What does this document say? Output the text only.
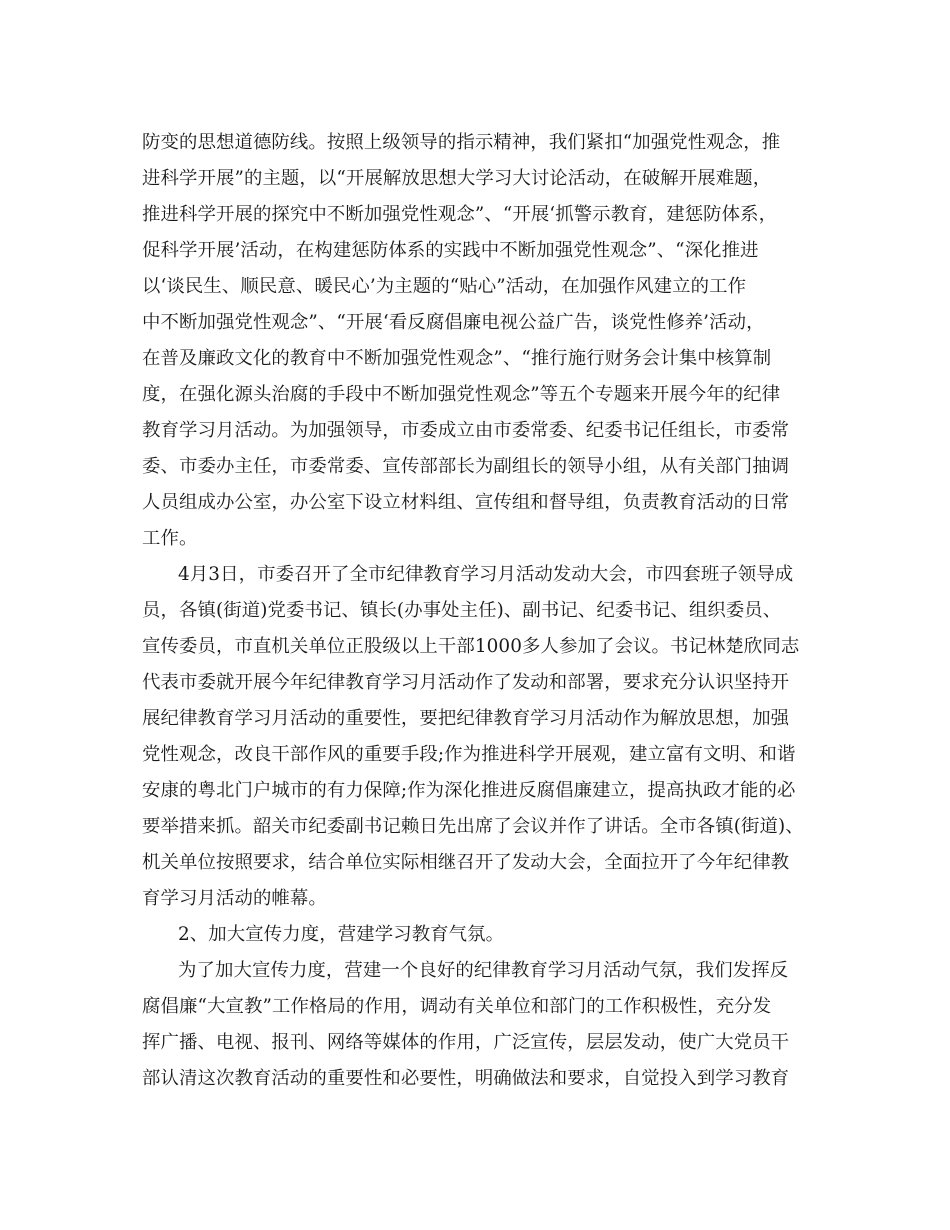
防变的思想道德防线。按照上级领导的指示精神，我们紧扣“加强党性观念，推
进科学开展”的主题，以“开展解放思想大学习大讨论活动，在破解开展难题，
推进科学开展的探究中不断加强党性观念”、“开展‘抓警示教育，建惩防体系，
促科学开展’活动，在构建惩防体系的实践中不断加强党性观念”、“深化推进
以‘谈民生、顺民意、暖民心’为主题的“贴心”活动，在加强作风建立的工作
中不断加强党性观念”、“开展‘看反腐倡廉电视公益广告，谈党性修养’活动，
在普及廉政文化的教育中不断加强党性观念”、“推行施行财务会计集中核算制
度，在强化源头治腐的手段中不断加强党性观念”等五个专题来开展今年的纪律
教育学习月活动。为加强领导，市委成立由市委常委、纪委书记任组长，市委常
委、市委办主任，市委常委、宣传部部长为副组长的领导小组，从有关部门抽调
人员组成办公室，办公室下设立材料组、宣传组和督导组，负责教育活动的日常
工作。
4月3日，市委召开了全市纪律教育学习月活动发动大会，市四套班子领导成
员，各镇(街道)党委书记、镇长(办事处主任)、副书记、纪委书记、组织委员、
宣传委员，市直机关单位正股级以上干部1000多人参加了会议。书记林楚欣同志
代表市委就开展今年纪律教育学习月活动作了发动和部署，要求充分认识坚持开
展纪律教育学习月活动的重要性，要把纪律教育学习月活动作为解放思想，加强
党性观念，改良干部作风的重要手段;作为推进科学开展观，建立富有文明、和谐
安康的粤北门户城市的有力保障;作为深化推进反腐倡廉建立，提高执政才能的必
要举措来抓。韶关市纪委副书记赖日先出席了会议并作了讲话。全市各镇(街道)、
机关单位按照要求，结合单位实际相继召开了发动大会，全面拉开了今年纪律教
育学习月活动的帷幕。
2、加大宣传力度，营建学习教育气氛。
为了加大宣传力度，营建一个良好的纪律教育学习月活动气氛，我们发挥反
腐倡廉“大宣教”工作格局的作用，调动有关单位和部门的工作积极性，充分发
挥广播、电视、报刊、网络等媒体的作用，广泛宣传，层层发动，使广大党员干
部认清这次教育活动的重要性和必要性，明确做法和要求，自觉投入到学习教育
